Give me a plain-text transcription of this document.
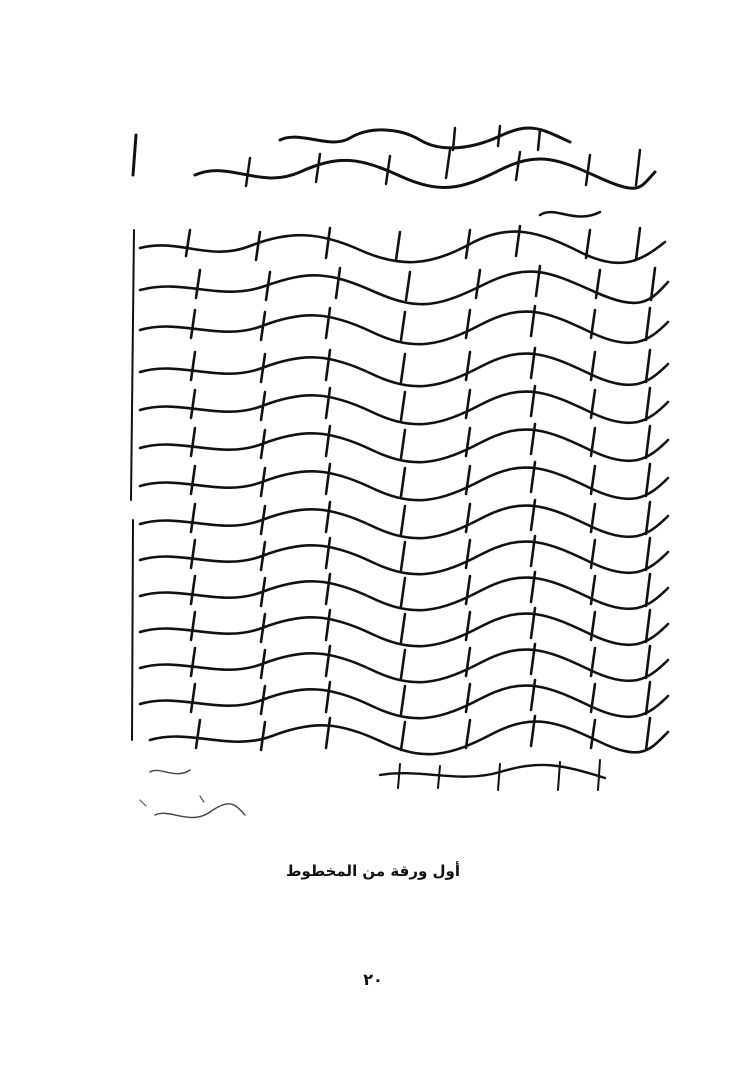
أول ورقة من المخطوط
٢٠
